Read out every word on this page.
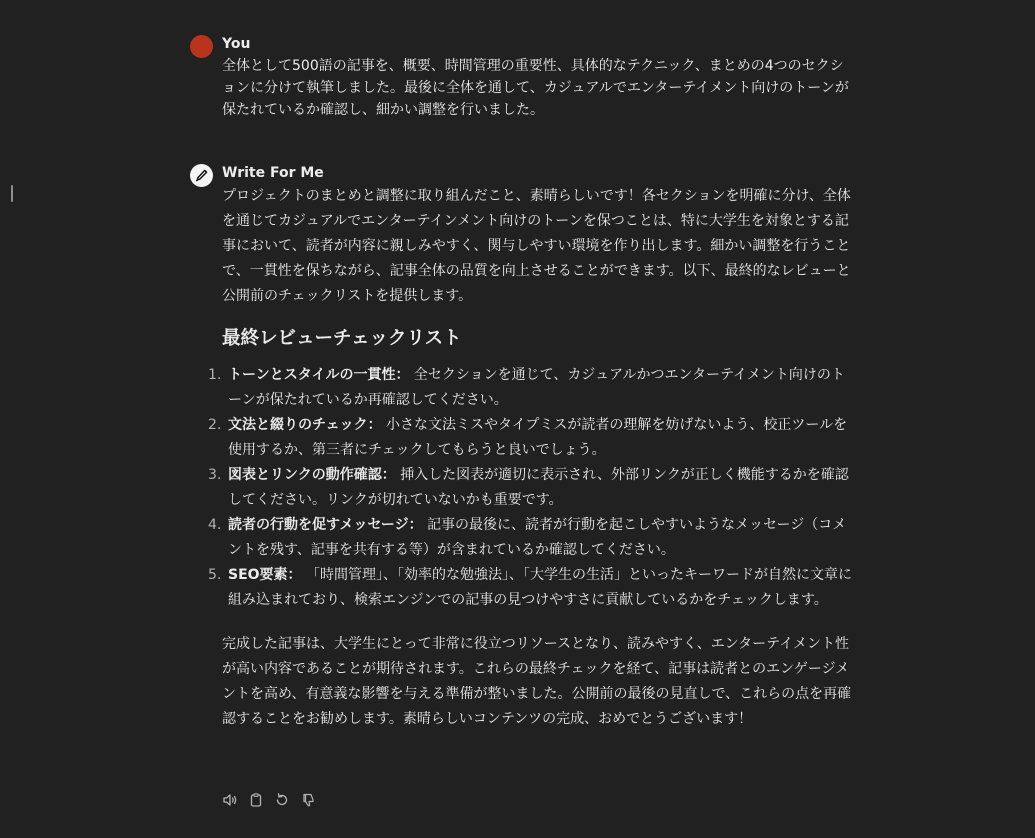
You
全体として500語の記事を、概要、時間管理の重要性、具体的なテクニック、まとめの4つのセクションに分けて執筆しました。最後に全体を通して、カジュアルでエンターテイメント向けのトーンが保たれているか確認し、細かい調整を行いました。
Write For Me
プロジェクトのまとめと調整に取り組んだこと、素晴らしいです！各セクションを明確に分け、全体を通じてカジュアルでエンターテインメント向けのトーンを保つことは、特に大学生を対象とする記事において、読者が内容に親しみやすく、関与しやすい環境を作り出します。細かい調整を行うことで、一貫性を保ちながら、記事全体の品質を向上させることができます。以下、最終的なレビューと公開前のチェックリストを提供します。
最終レビューチェックリスト
1. トーンとスタイルの一貫性： 全セクションを通じて、カジュアルかつエンターテイメント向けのトーンが保たれているか再確認してください。
2. 文法と綴りのチェック： 小さな文法ミスやタイプミスが読者の理解を妨げないよう、校正ツールを使用するか、第三者にチェックしてもらうと良いでしょう。
3. 図表とリンクの動作確認： 挿入した図表が適切に表示され、外部リンクが正しく機能するかを確認してください。リンクが切れていないかも重要です。
4. 読者の行動を促すメッセージ： 記事の最後に、読者が行動を起こしやすいようなメッセージ（コメントを残す、記事を共有する等）が含まれているか確認してください。
5. SEO要素： 「時間管理」、「効率的な勉強法」、「大学生の生活」といったキーワードが自然に文章に組み込まれており、検索エンジンでの記事の見つけやすさに貢献しているかをチェックします。
完成した記事は、大学生にとって非常に役立つリソースとなり、読みやすく、エンターテイメント性が高い内容であることが期待されます。これらの最終チェックを経て、記事は読者とのエンゲージメントを高め、有意義な影響を与える準備が整いました。公開前の最後の見直しで、これらの点を再確認することをお勧めします。素晴らしいコンテンツの完成、おめでとうございます！
